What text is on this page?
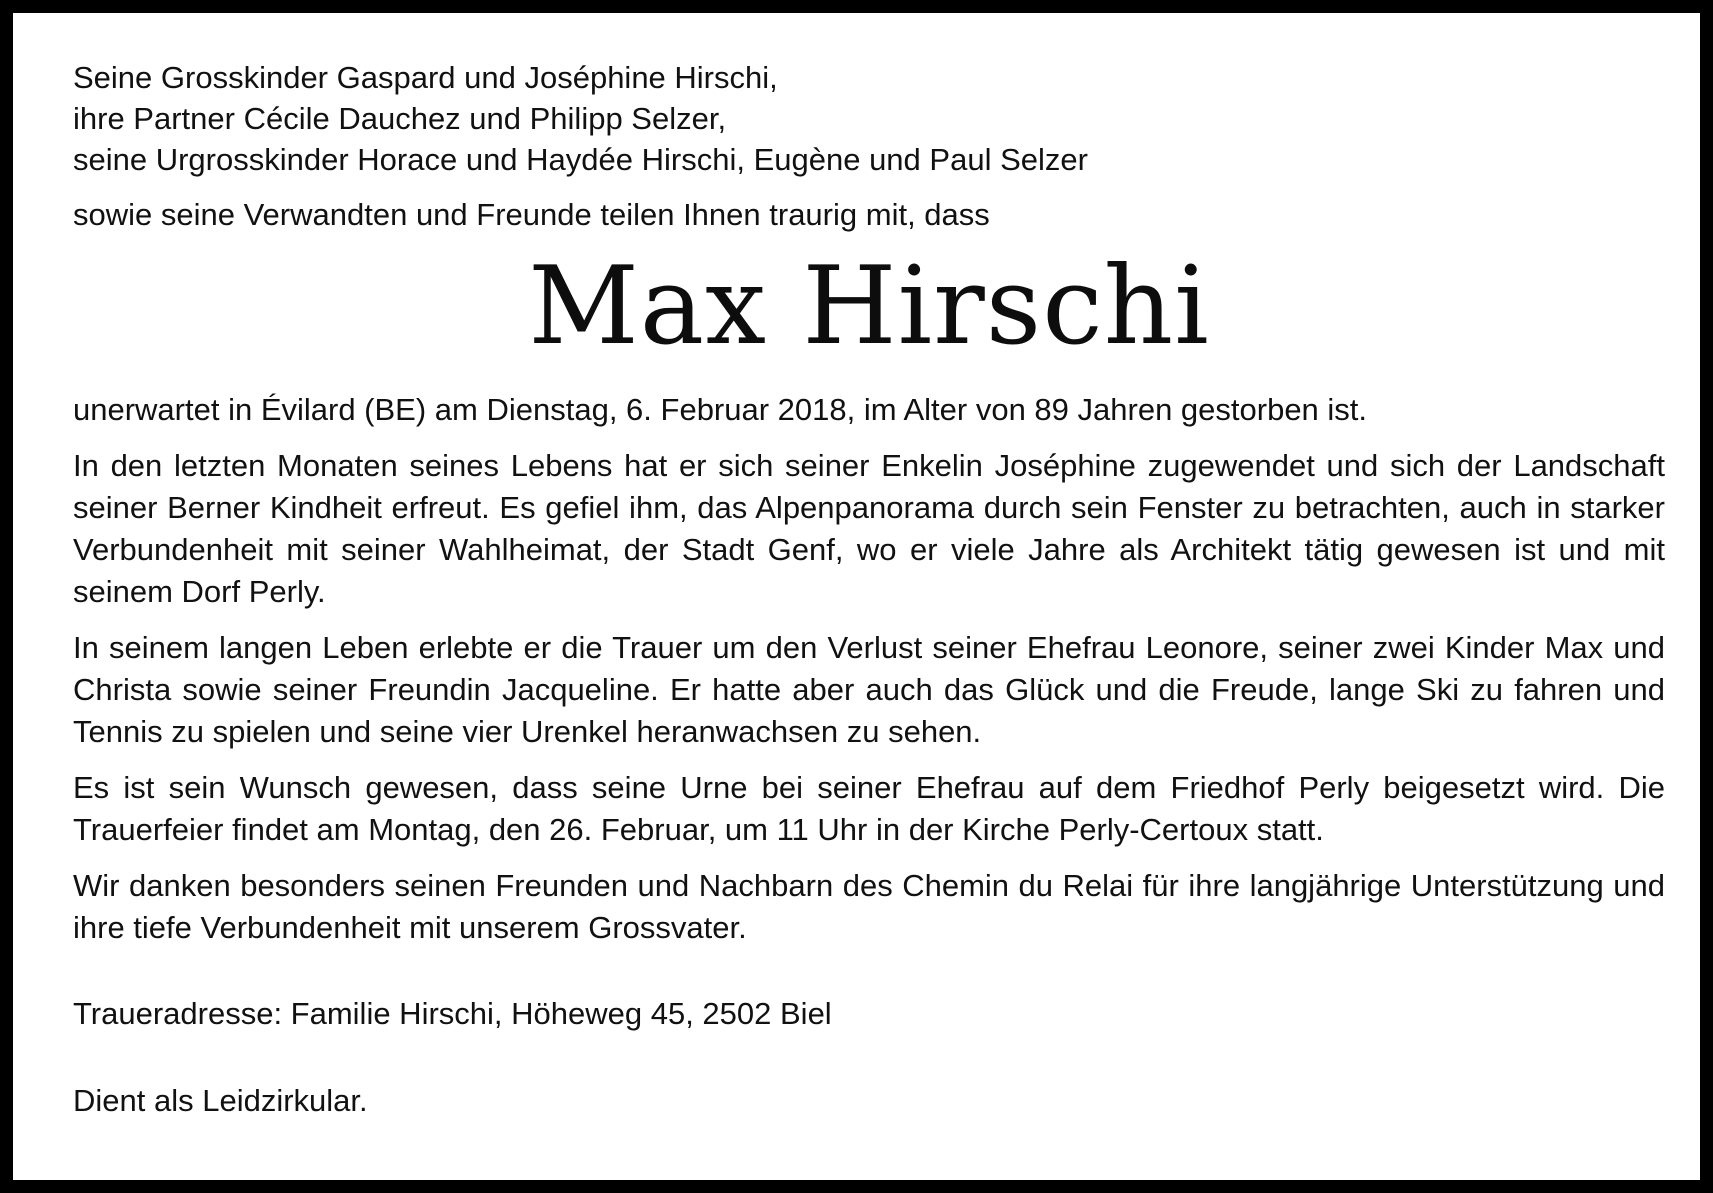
Seine Grosskinder Gaspard und Joséphine Hirschi,

ihre Partner Cécile Dauchez und Philipp Selzer,

seine Urgrosskinder Horace und Haydée Hirschi, Eugène und Paul Selzer

sowie seine Verwandten und Freunde teilen Ihnen traurig mit, dass

Max Hirschi

unerwartet in Évilard (BE) am Dienstag, 6. Februar 2018, im Alter von 89 Jahren gestorben ist.

In den letzten Monaten seines Lebens hat er sich seiner Enkelin Joséphine zugewendet und sich der Landschaft seiner Berner Kindheit erfreut. Es gefiel ihm, das Alpenpanorama durch sein Fenster zu betrachten, auch in starker Verbundenheit mit seiner Wahlheimat, der Stadt Genf, wo er viele Jahre als Architekt tätig gewesen ist und mit seinem Dorf Perly.

In seinem langen Leben erlebte er die Trauer um den Verlust seiner Ehefrau Leonore, seiner zwei Kinder Max und Christa sowie seiner Freundin Jacqueline. Er hatte aber auch das Glück und die Freude, lange Ski zu fahren und Tennis zu spielen und seine vier Urenkel heranwachsen zu sehen.

Es ist sein Wunsch gewesen, dass seine Urne bei seiner Ehefrau auf dem Friedhof Perly beigesetzt wird. Die Trauerfeier findet am Montag, den 26. Februar, um 11 Uhr in der Kirche Perly-Certoux statt.

Wir danken besonders seinen Freunden und Nachbarn des Chemin du Relai für ihre langjährige Unterstützung und ihre tiefe Verbundenheit mit unserem Grossvater.

Traueradresse: Familie Hirschi, Höheweg 45, 2502 Biel

Dient als Leidzirkular.
